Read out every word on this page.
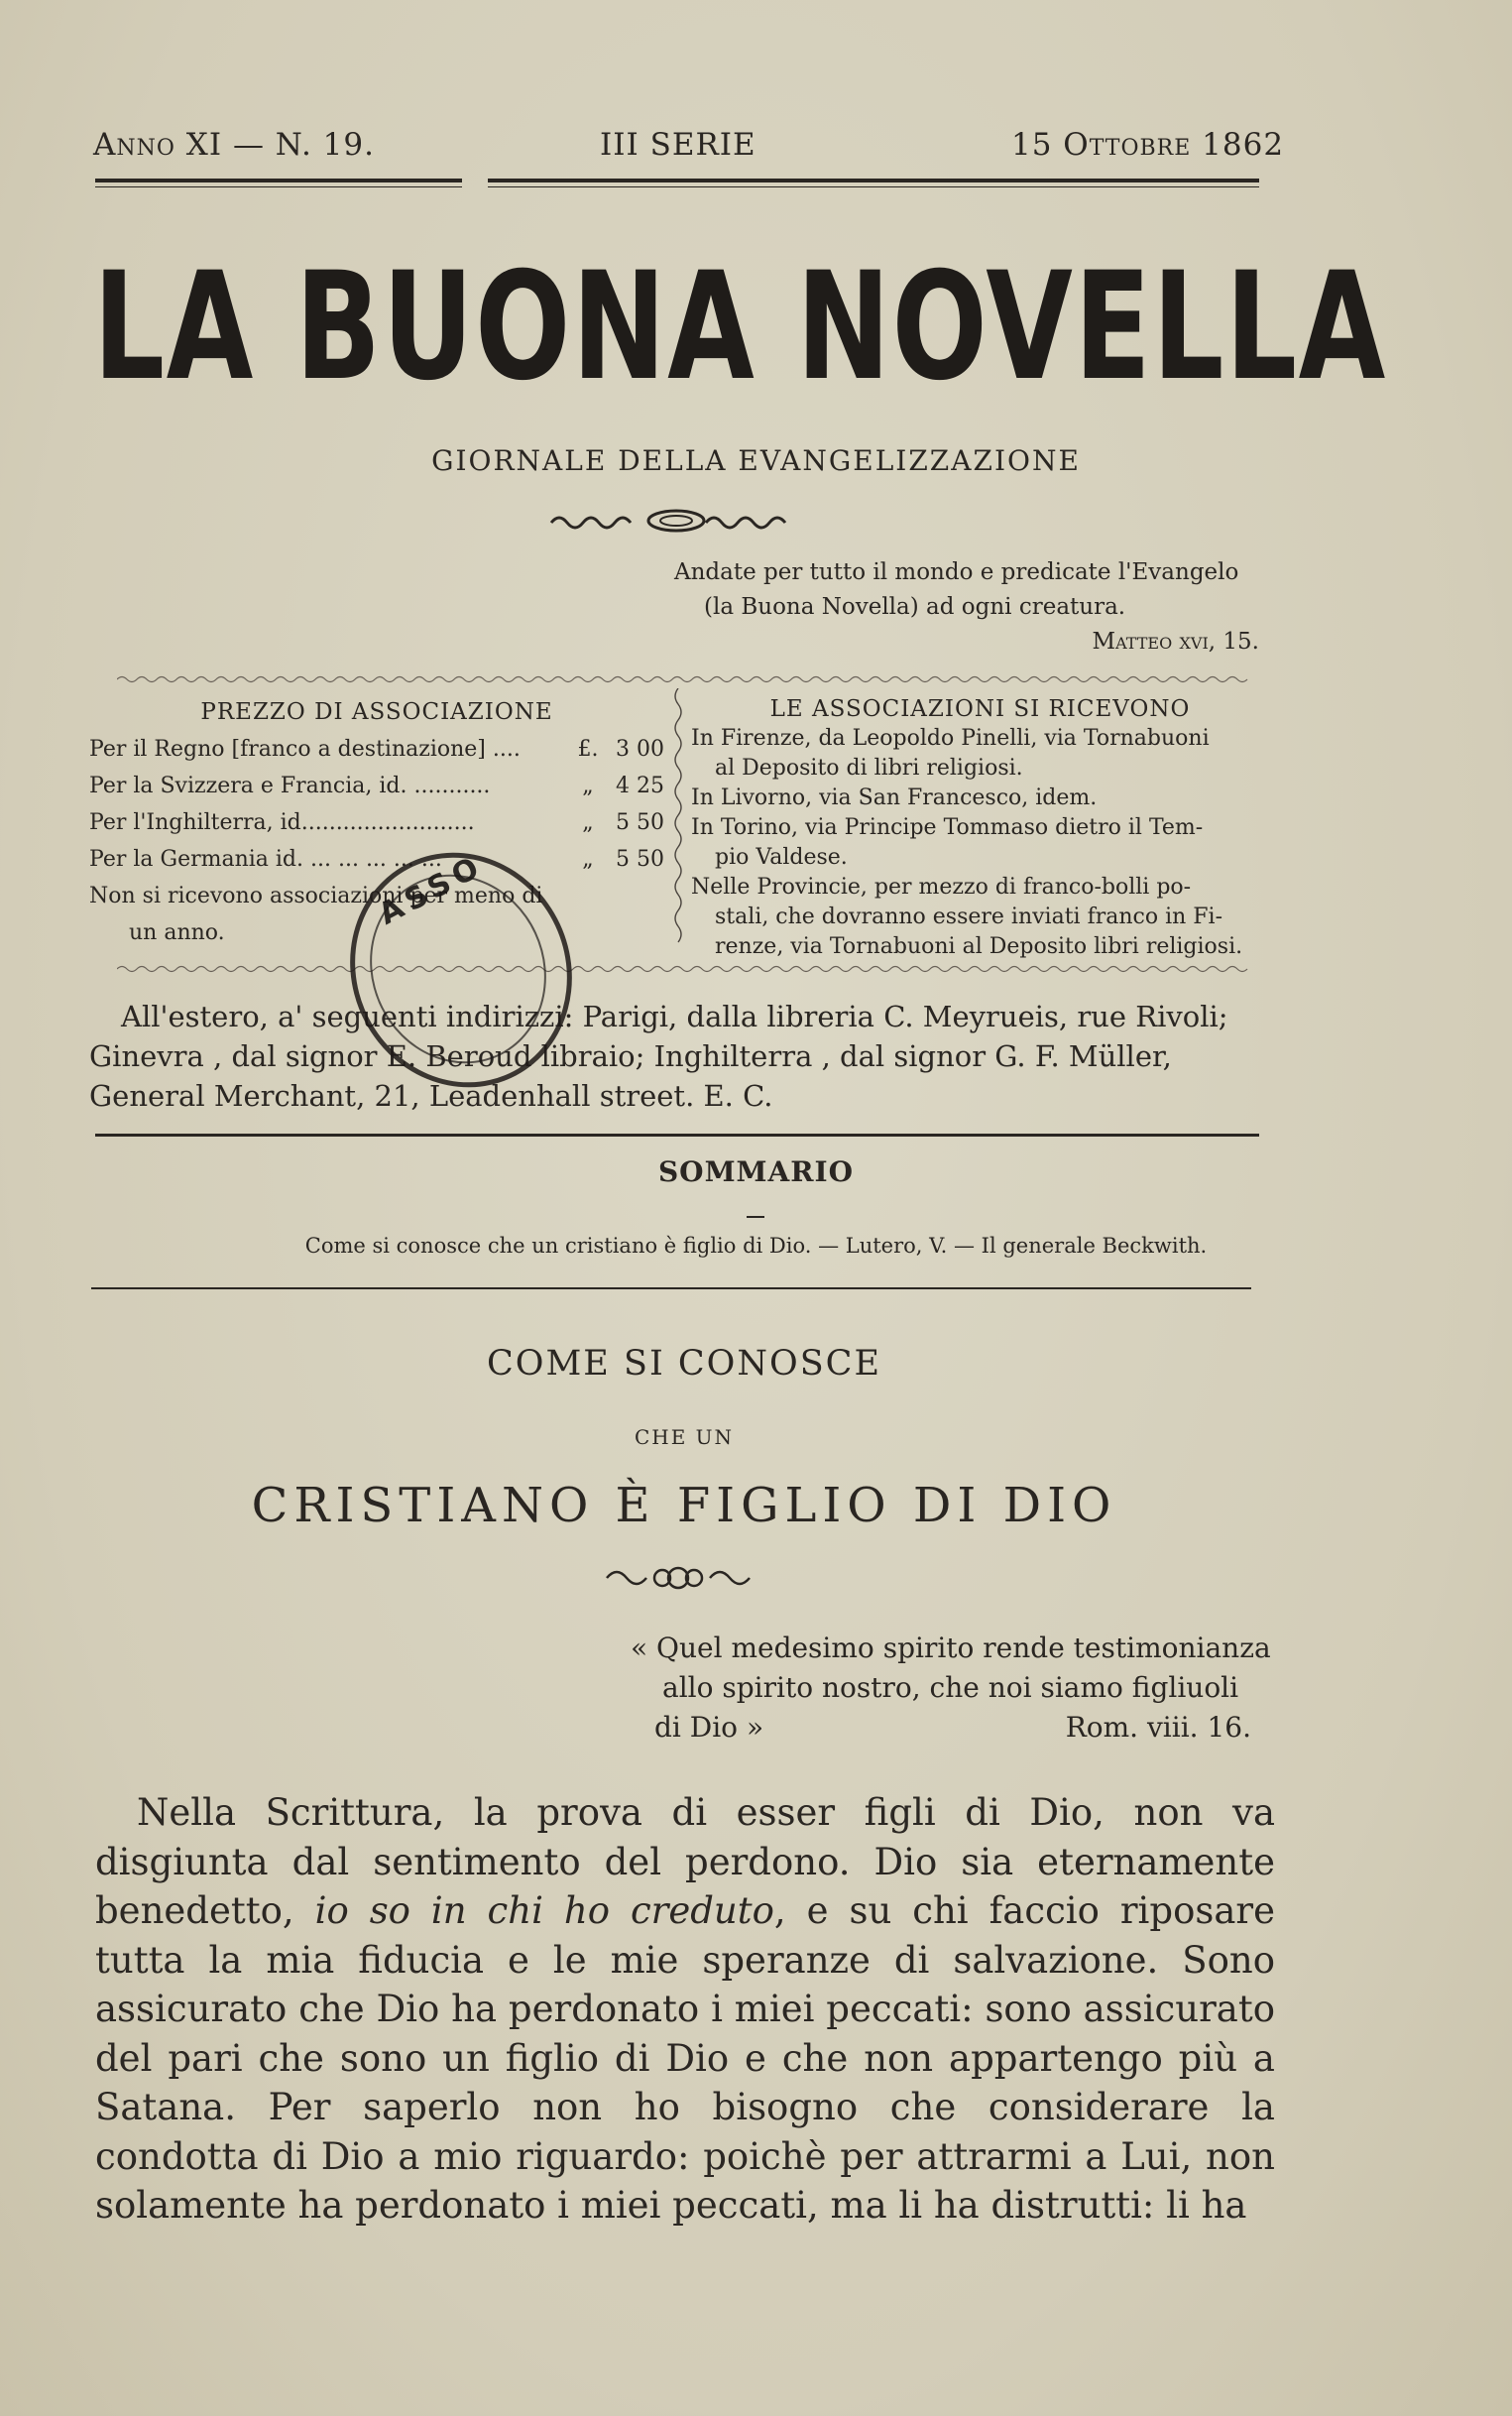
Anno XI — N. 19.	III SERIE	15 Ottobre 1862
LA BUONA NOVELLA
GIORNALE DELLA EVANGELIZZAZIONE
Andate per tutto il mondo e predicate l'Evangelo
(la Buona Novella) ad ogni creatura.
Matteo xvi, 15.
PREZZO DI ASSOCIAZIONE
Per il Regno [franco a destinazione] ....	£. 3 00
Per la Svizzera e Francia, id. ...........	„	4 25
Per l'Inghilterra, id.........................	„	5 50
Per la Germania id. ... ... ... ... ...	„	5 50
Non si ricevono associazioni per meno di
un anno.
LE ASSOCIAZIONI SI RICEVONO
In Firenze, da Leopoldo Pinelli, via Tornabuoni
al Deposito di libri religiosi.
In Livorno, via San Francesco, idem.
In Torino, via Principe Tommaso dietro il Tem-
pio Valdese.
Nelle Provincie, per mezzo di franco-bolli po-
stali, che dovranno essere inviati franco in Fi-
renze, via Tornabuoni al Deposito libri religiosi.
All'estero, a' seguenti indirizzi: Parigi, dalla libreria C. Meyrueis, rue Rivoli;
Ginevra , dal signor E. Beroud libraio; Inghilterra , dal signor G. F. Müller,
General Merchant, 21, Leadenhall street. E. C.
ASSO
SOMMARIO
Come si conosce che un cristiano è figlio di Dio. — Lutero, V. — Il generale Beckwith.
COME SI CONOSCE
CHE UN
CRISTIANO È FIGLIO DI DIO
« Quel medesimo spirito rende testimonianza
allo spirito nostro, che noi siamo figliuoli
di Dio »	Rom. viii. 16.
Nella Scrittura, la prova di esser figli di Dio, non va disgiunta dal sentimento del perdono. Dio sia eternamente benedetto, io so in chi ho creduto, e su chi faccio riposare tutta la mia fiducia e le mie speranze di salvazione. Sono assicurato che Dio ha perdonato i miei peccati: sono assicurato del pari che sono un figlio di Dio e che non appartengo più a Satana. Per saperlo non ho bisogno che considerare la condotta di Dio a mio riguardo: poichè per attrarmi a Lui, non solamente ha perdonato i miei peccati, ma li ha distrutti: li ha
